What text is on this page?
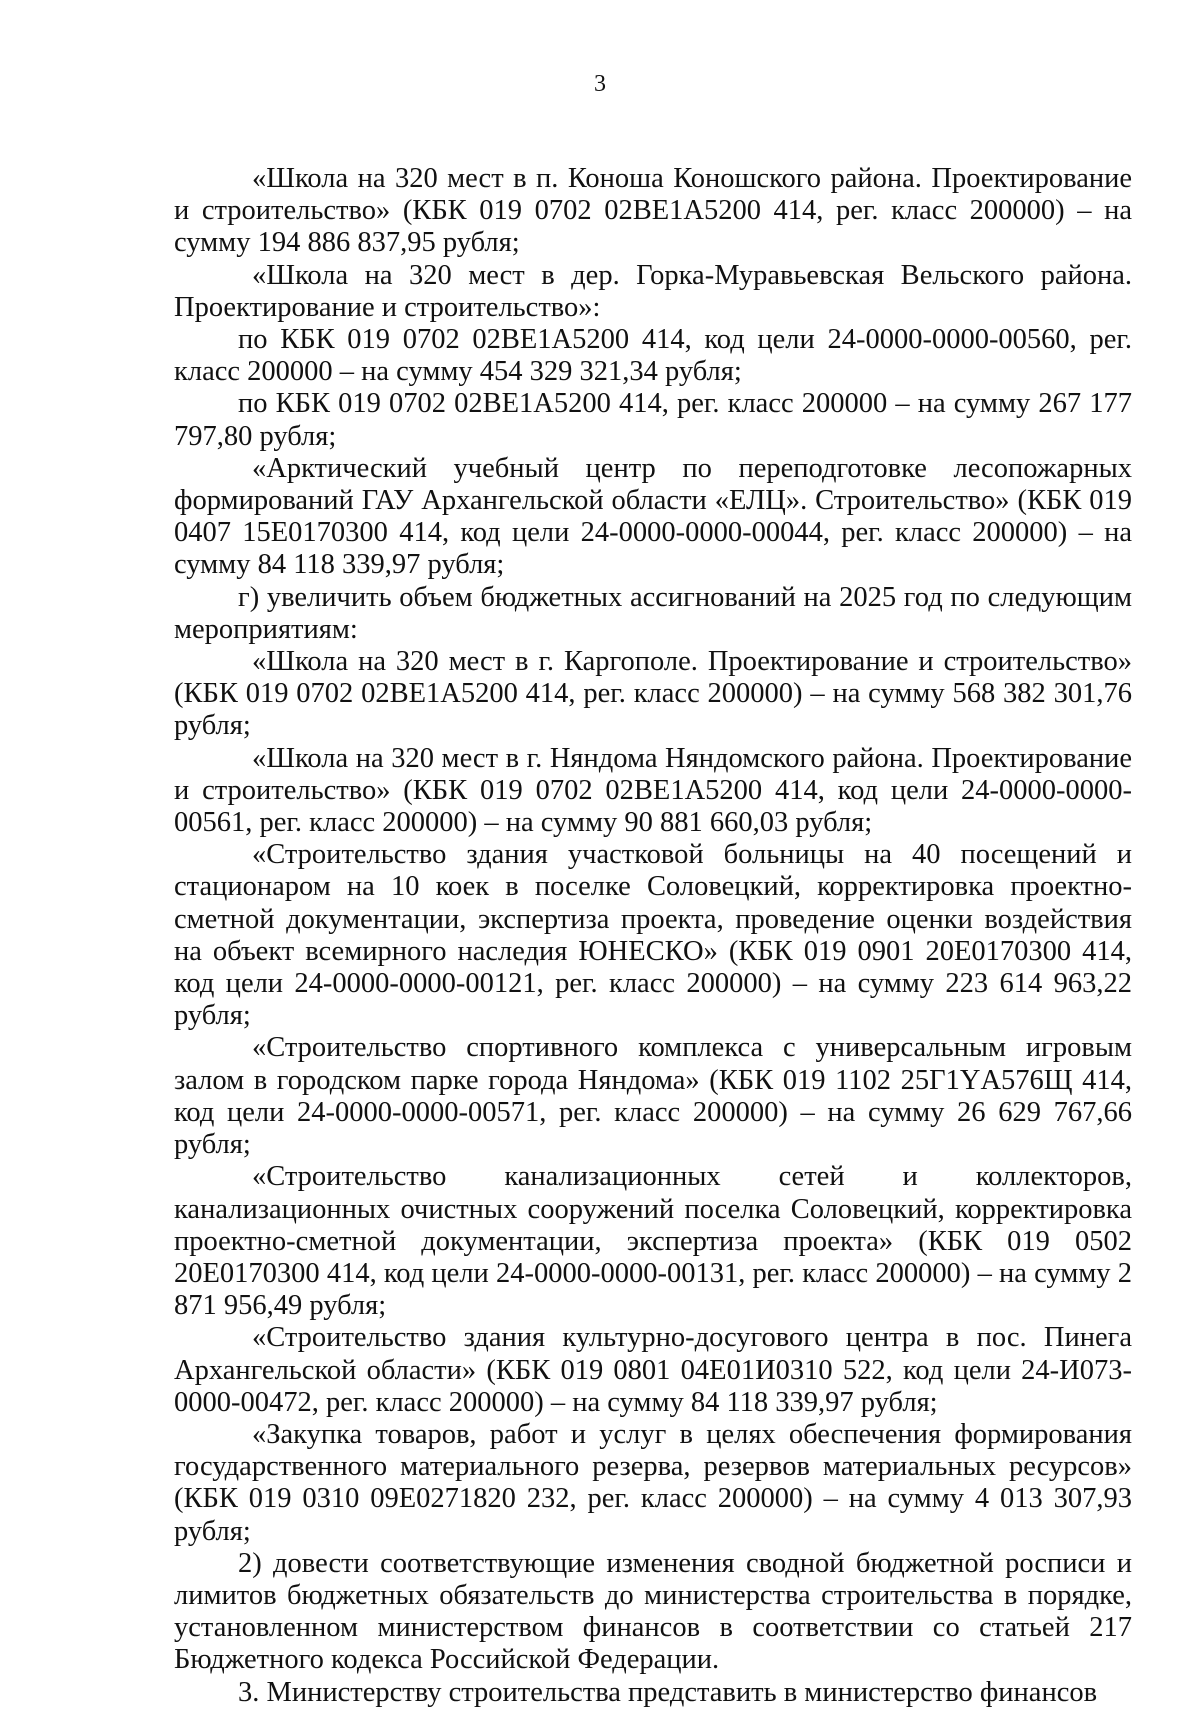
3

«Школа на 320 мест в п. Коноша Коношского района. Проектирование и строительство» (КБК 019 0702 02ВЕ1А5200 414, рег. класс 200000) – на сумму 194 886 837,95 рубля;

«Школа на 320 мест в дер. Горка-Муравьевская Вельского района. Проектирование и строительство»:

по КБК 019 0702 02ВЕ1А5200 414, код цели 24-0000-0000-00560, рег. класс 200000 – на сумму 454 329 321,34 рубля;

по КБК 019 0702 02ВЕ1А5200 414, рег. класс 200000 – на сумму 267 177 797,80 рубля;

«Арктический учебный центр по переподготовке лесопожарных формирований ГАУ Архангельской области «ЕЛЦ». Строительство» (КБК 019 0407 15Е0170300 414, код цели 24-0000-0000-00044, рег. класс 200000) – на сумму 84 118 339,97 рубля;

г) увеличить объем бюджетных ассигнований на 2025 год по следующим мероприятиям:

«Школа на 320 мест в г. Каргополе. Проектирование и строительство» (КБК 019 0702 02ВЕ1А5200 414, рег. класс 200000) – на сумму 568 382 301,76 рубля;

«Школа на 320 мест в г. Няндома Няндомского района. Проектирование и строительство» (КБК 019 0702 02ВЕ1А5200 414, код цели 24-0000-0000-00561, рег. класс 200000) – на сумму 90 881 660,03 рубля;

«Строительство здания участковой больницы на 40 посещений и стационаром на 10 коек в поселке Соловецкий, корректировка проектно-сметной документации, экспертиза проекта, проведение оценки воздействия на объект всемирного наследия ЮНЕСКО» (КБК 019 0901 20Е0170300 414, код цели 24-0000-0000-00121, рег. класс 200000) – на сумму 223 614 963,22 рубля;

«Строительство спортивного комплекса с универсальным игровым залом в городском парке города Няндома» (КБК 019 1102 25Г1YА576Щ 414, код цели 24-0000-0000-00571, рег. класс 200000) – на сумму 26 629 767,66 рубля;

«Строительство канализационных сетей и коллекторов, канализационных очистных сооружений поселка Соловецкий, корректировка проектно-сметной документации, экспертиза проекта» (КБК 019 0502 20Е0170300 414, код цели 24-0000-0000-00131, рег. класс 200000) – на сумму 2 871 956,49 рубля;

«Строительство здания культурно-досугового центра в пос. Пинега Архангельской области» (КБК 019 0801 04Е01И0310 522, код цели 24-И073-0000-00472, рег. класс 200000) – на сумму 84 118 339,97 рубля;

«Закупка товаров, работ и услуг в целях обеспечения формирования государственного материального резерва, резервов материальных ресурсов» (КБК 019 0310 09Е0271820 232, рег. класс 200000) – на сумму 4 013 307,93 рубля;

2) довести соответствующие изменения сводной бюджетной росписи и лимитов бюджетных обязательств до министерства строительства в порядке, установленном министерством финансов в соответствии со статьей 217 Бюджетного кодекса Российской Федерации.

3. Министерству строительства представить в министерство финансов
